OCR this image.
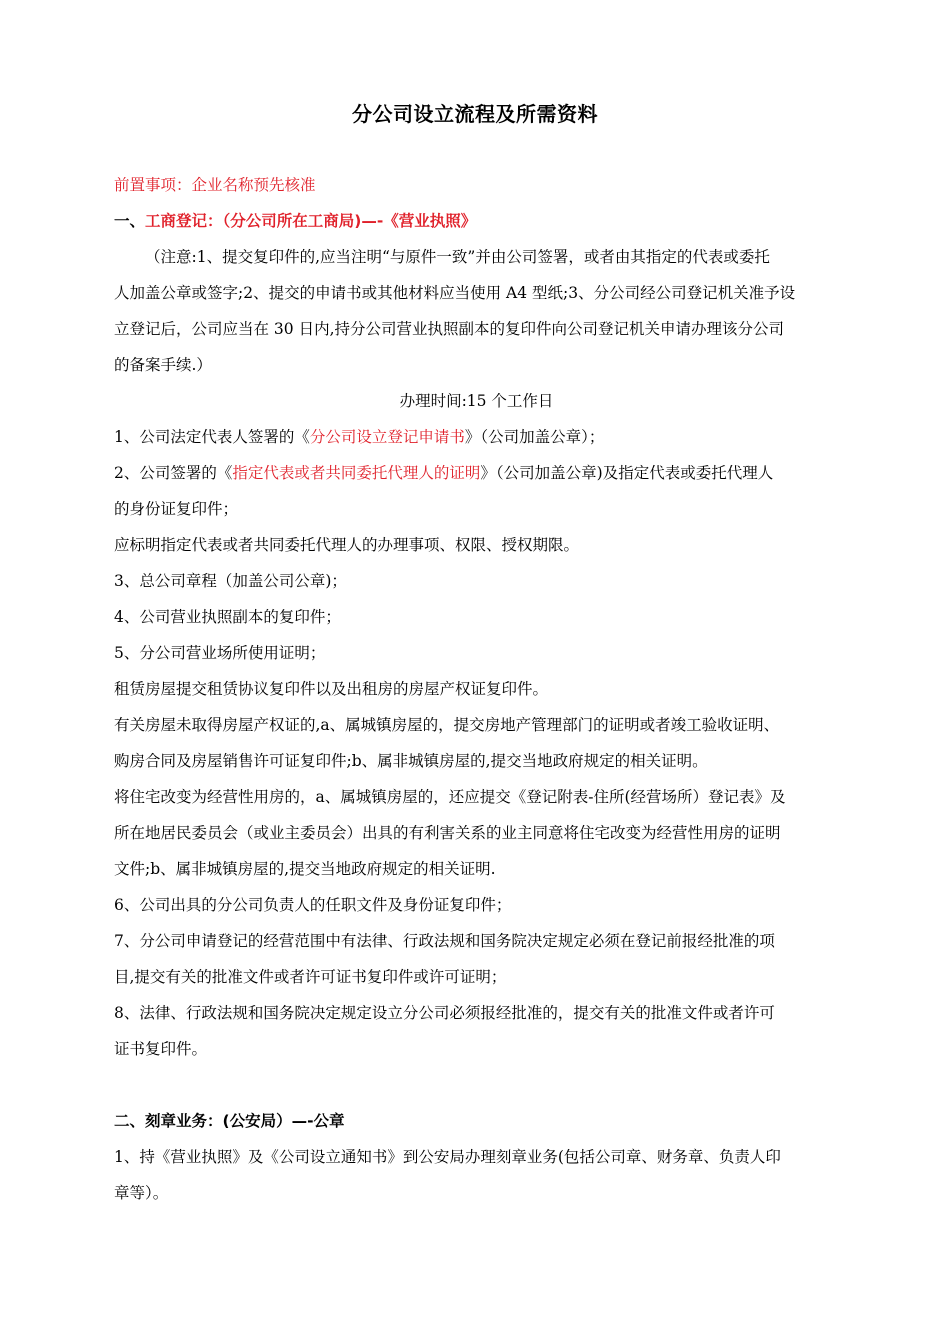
分公司设立流程及所需资料
前置事项：企业名称预先核准
一、工商登记：（分公司所在工商局)—-《营业执照》
（注意:1、提交复印件的,应当注明“与原件一致”并由公司签署，或者由其指定的代表或委托
人加盖公章或签字;2、提交的申请书或其他材料应当使用 A4 型纸;3、分公司经公司登记机关准予设
立登记后，公司应当在 30 日内,持分公司营业执照副本的复印件向公司登记机关申请办理该分公司
的备案手续.）
办理时间:15 个工作日
1、公司法定代表人签署的《分公司设立登记申请书》（公司加盖公章）；
2、公司签署的《指定代表或者共同委托代理人的证明》（公司加盖公章)及指定代表或委托代理人
的身份证复印件；
应标明指定代表或者共同委托代理人的办理事项、权限、授权期限。
3、总公司章程（加盖公司公章)；
4、公司营业执照副本的复印件；
5、分公司营业场所使用证明；
租赁房屋提交租赁协议复印件以及出租房的房屋产权证复印件。
有关房屋未取得房屋产权证的,a、属城镇房屋的，提交房地产管理部门的证明或者竣工验收证明、
购房合同及房屋销售许可证复印件;b、属非城镇房屋的,提交当地政府规定的相关证明。
将住宅改变为经营性用房的，a、属城镇房屋的，还应提交《登记附表-住所(经营场所）登记表》及
所在地居民委员会（或业主委员会）出具的有利害关系的业主同意将住宅改变为经营性用房的证明
文件;b、属非城镇房屋的,提交当地政府规定的相关证明.
6、公司出具的分公司负责人的任职文件及身份证复印件；
7、分公司申请登记的经营范围中有法律、行政法规和国务院决定规定必须在登记前报经批准的项
目,提交有关的批准文件或者许可证书复印件或许可证明；
8、法律、行政法规和国务院决定规定设立分公司必须报经批准的，提交有关的批准文件或者许可
证书复印件。
二、刻章业务：(公安局）—-公章
1、持《营业执照》及《公司设立通知书》到公安局办理刻章业务(包括公司章、财务章、负责人印
章等）。
